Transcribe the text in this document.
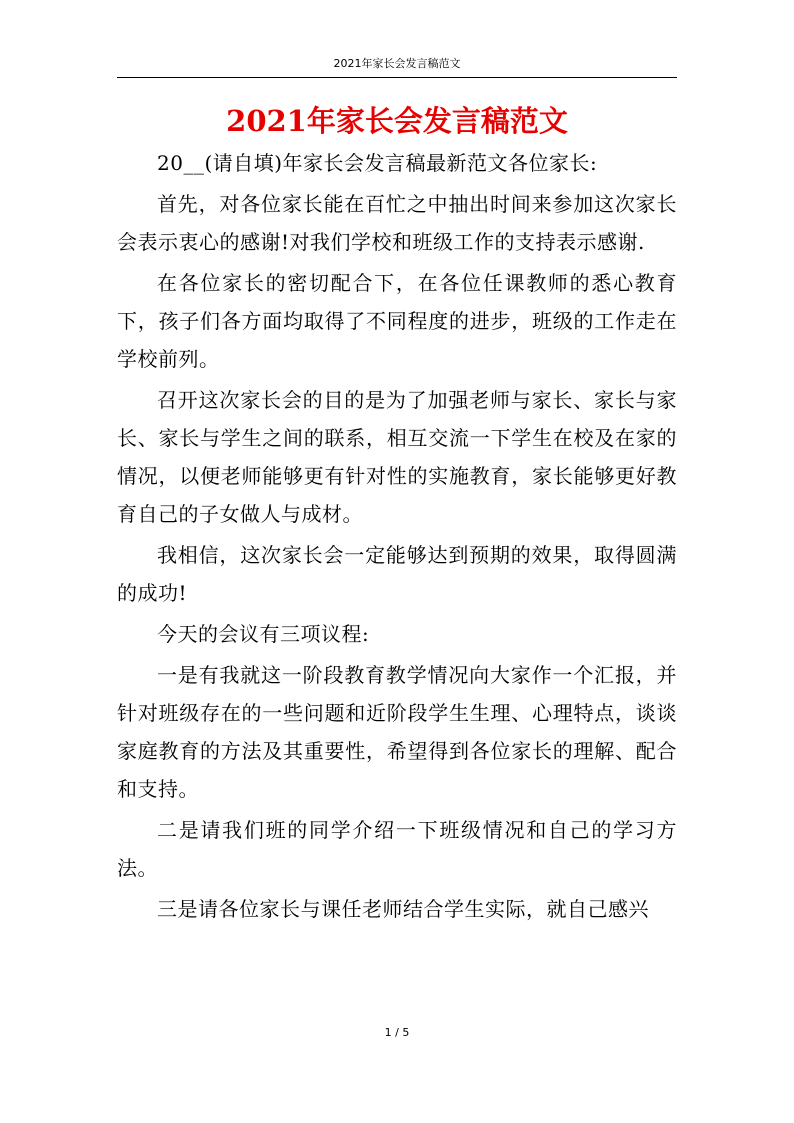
2021年家长会发言稿范文
2021年家长会发言稿范文

20__(请自填)年家长会发言稿最新范文各位家长:

首先，对各位家长能在百忙之中抽出时间来参加这次家长会表示衷心的感谢!对我们学校和班级工作的支持表示感谢.

在各位家长的密切配合下，在各位任课教师的悉心教育下，孩子们各方面均取得了不同程度的进步，班级的工作走在学校前列。

召开这次家长会的目的是为了加强老师与家长、家长与家长、家长与学生之间的联系，相互交流一下学生在校及在家的情况，以便老师能够更有针对性的实施教育，家长能够更好教育自己的子女做人与成材。

我相信，这次家长会一定能够达到预期的效果，取得圆满的成功!

今天的会议有三项议程:

一是有我就这一阶段教育教学情况向大家作一个汇报，并针对班级存在的一些问题和近阶段学生生理、心理特点，谈谈家庭教育的方法及其重要性，希望得到各位家长的理解、配合和支持。

二是请我们班的同学介绍一下班级情况和自己的学习方法。

三是请各位家长与课任老师结合学生实际，就自己感兴

1 / 5
